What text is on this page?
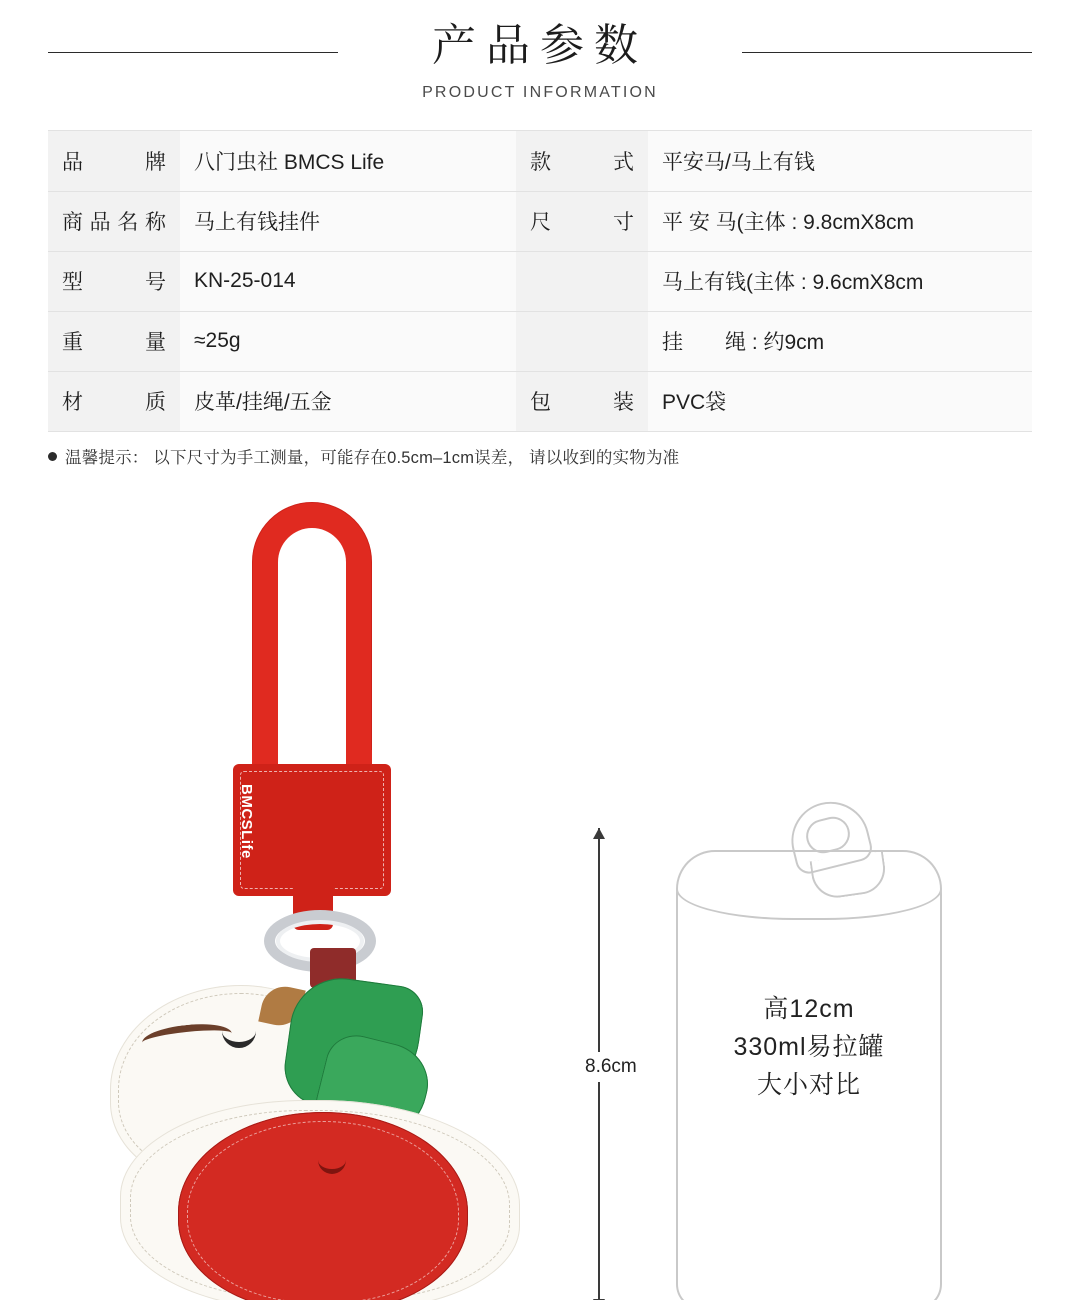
产品参数
PRODUCT INFORMATION
品牌	八门虫社 BMCS Life	款式	平安马/马上有钱
商品名称	马上有钱挂件	尺寸	平 安 马(主体 : 9.8cmX8cm
型号	KN-25-014		马上有钱(主体 : 9.6cmX8cm
重量	≈25g		挂　　绳 : 约9cm
材质	皮革/挂绳/五金	包装	PVC袋
温馨提示： 以下尺寸为手工测量，可能存在0.5cm–1cm误差， 请以收到的实物为准
BMCSLife
8.6cm
高12cm
330ml易拉罐
大小对比
